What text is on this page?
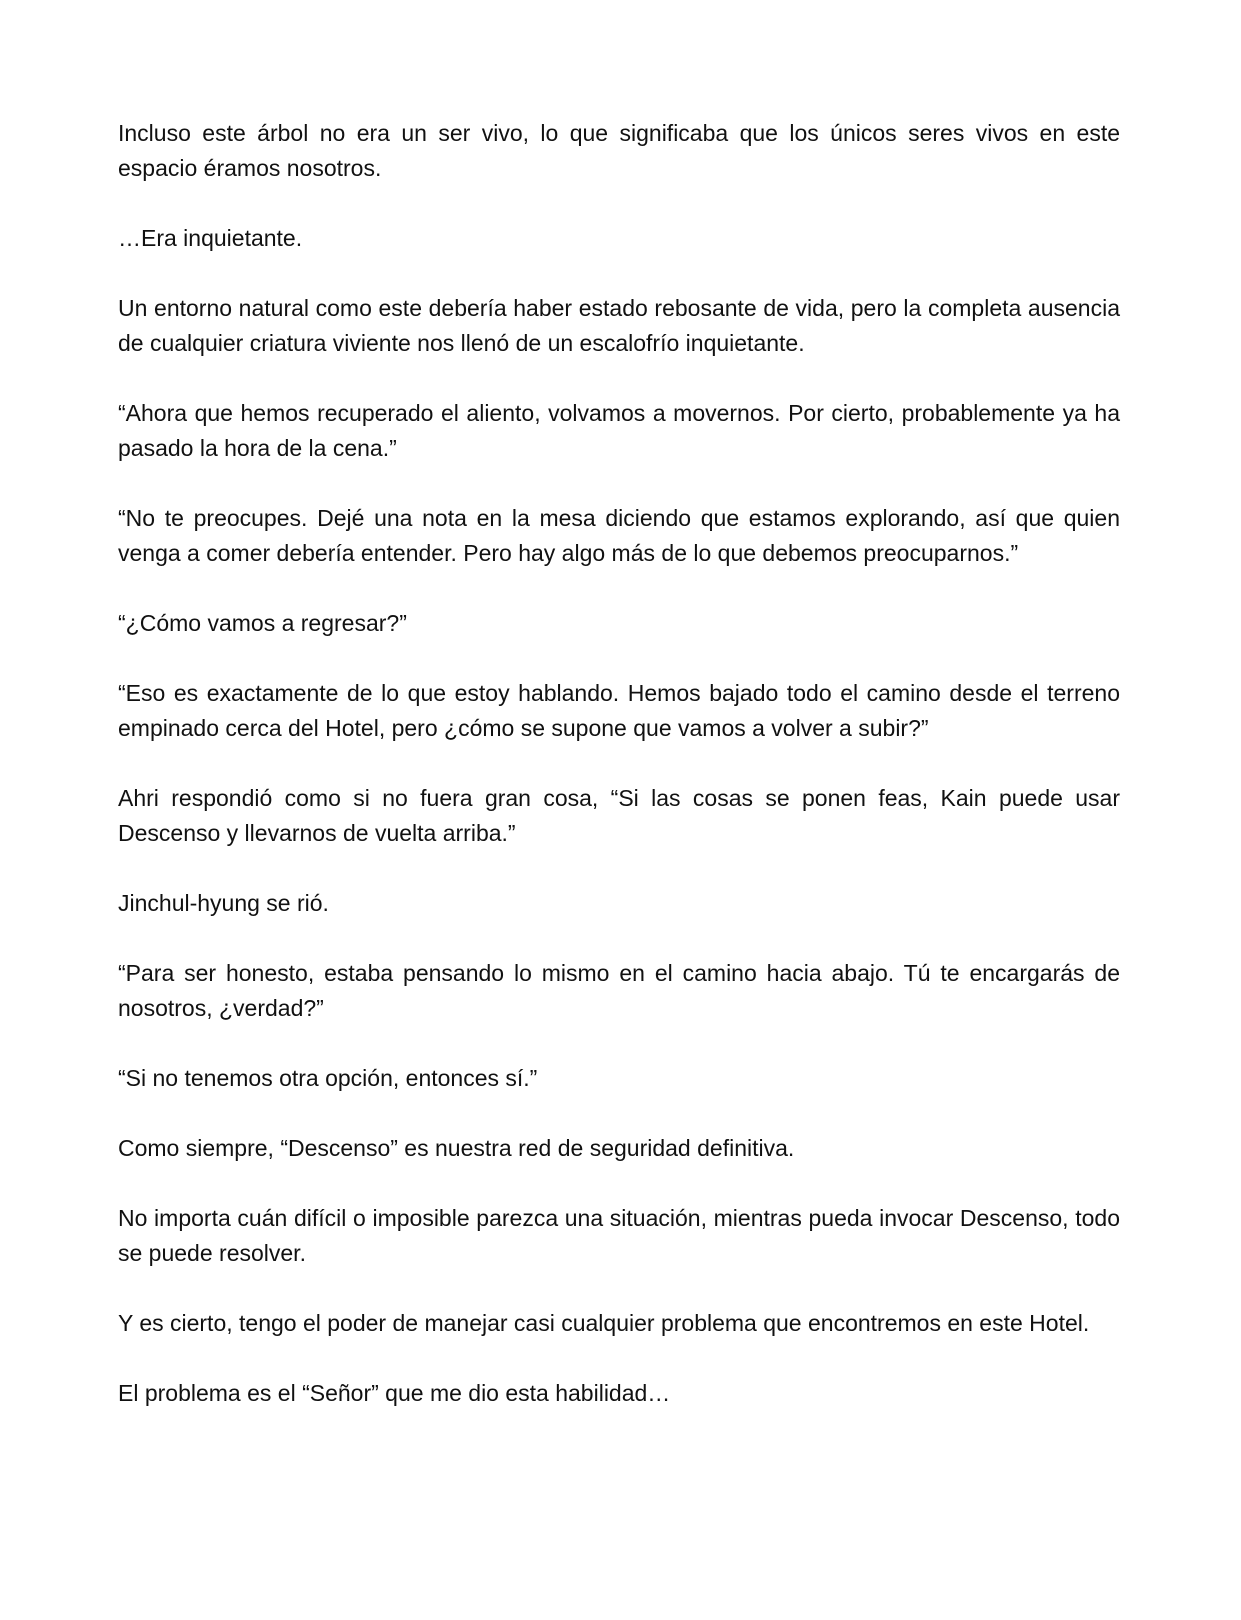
Incluso este árbol no era un ser vivo, lo que significaba que los únicos seres vivos en este espacio éramos nosotros.

…Era inquietante.

Un entorno natural como este debería haber estado rebosante de vida, pero la completa ausencia de cualquier criatura viviente nos llenó de un escalofrío inquietante.

“Ahora que hemos recuperado el aliento, volvamos a movernos. Por cierto, probablemente ya ha pasado la hora de la cena.”

“No te preocupes. Dejé una nota en la mesa diciendo que estamos explorando, así que quien venga a comer debería entender. Pero hay algo más de lo que debemos preocuparnos.”

“¿Cómo vamos a regresar?”

“Eso es exactamente de lo que estoy hablando. Hemos bajado todo el camino desde el terreno empinado cerca del Hotel, pero ¿cómo se supone que vamos a volver a subir?”

Ahri respondió como si no fuera gran cosa, “Si las cosas se ponen feas, Kain puede usar Descenso y llevarnos de vuelta arriba.”

Jinchul-hyung se rió.

“Para ser honesto, estaba pensando lo mismo en el camino hacia abajo. Tú te encargarás de nosotros, ¿verdad?”

“Si no tenemos otra opción, entonces sí.”

Como siempre, “Descenso” es nuestra red de seguridad definitiva.

No importa cuán difícil o imposible parezca una situación, mientras pueda invocar Descenso, todo se puede resolver.

Y es cierto, tengo el poder de manejar casi cualquier problema que encontremos en este Hotel.

El problema es el “Señor” que me dio esta habilidad…
